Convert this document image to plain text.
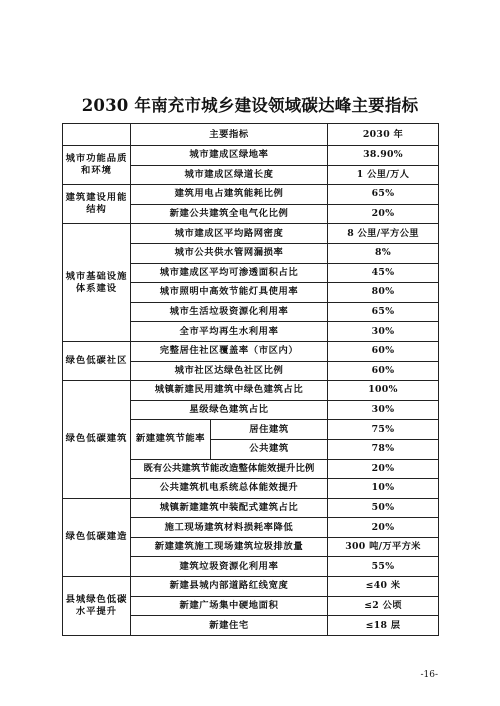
2030 年南充市城乡建设领域碳达峰主要指标
	主要指标		2030 年
城市功能品质和环境	城市建成区绿地率		38.90%
	城市建成区绿道长度		1 公里/万人
建筑建设用能结构	建筑用电占建筑能耗比例		65%
	新建公共建筑全电气化比例		20%
城市基础设施体系建设	城市建成区平均路网密度		8 公里/平方公里
	城市公共供水管网漏损率		8%
	城市建成区平均可渗透面积占比		45%
	城市照明中高效节能灯具使用率		80%
	城市生活垃圾资源化利用率		65%
	全市平均再生水利用率		30%
绿色低碳社区	完整居住社区覆盖率（市区内）		60%
	城市社区达绿色社区比例		60%
绿色低碳建筑	城镇新建民用建筑中绿色建筑占比		100%
	星级绿色建筑占比		30%
	新建建筑节能率	居住建筑	75%
		公共建筑	78%
	既有公共建筑节能改造整体能效提升比例		20%
	公共建筑机电系统总体能效提升		10%
绿色低碳建造	城镇新建建筑中装配式建筑占比		50%
	施工现场建筑材料损耗率降低		20%
	新建建筑施工现场建筑垃圾排放量		300 吨/万平方米
	建筑垃圾资源化利用率		55%
县城绿色低碳水平提升	新建县城内部道路红线宽度		≤40 米
	新建广场集中硬地面积		≤2 公顷
	新建住宅		≤18 层
-16-
